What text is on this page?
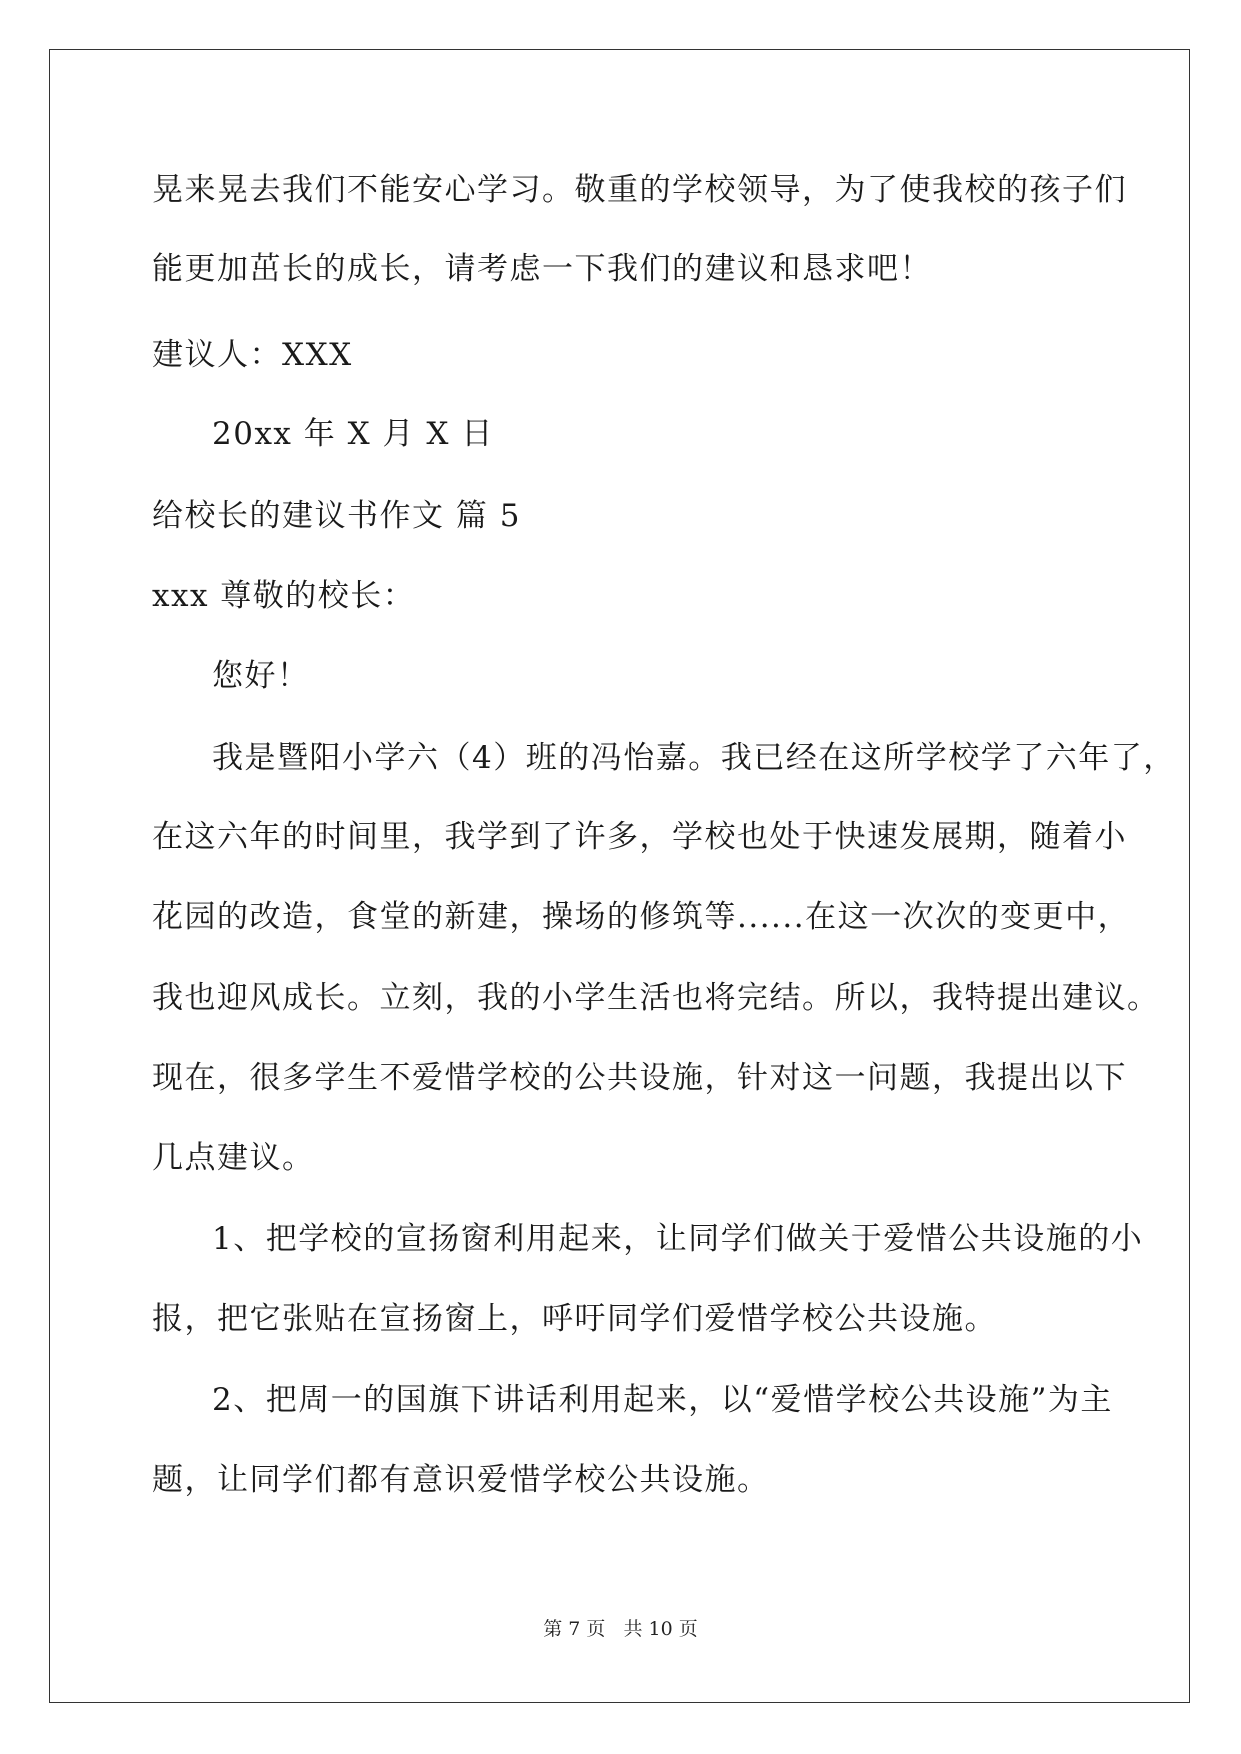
晃来晃去我们不能安心学习。敬重的学校领导，为了使我校的孩子们
能更加茁长的成长，请考虑一下我们的建议和恳求吧！
建议人：XXX
20xx 年 X 月 X 日
给校长的建议书作文 篇 5
xxx 尊敬的校长：
您好！
我是暨阳小学六（4）班的冯怡嘉。我已经在这所学校学了六年了，
在这六年的时间里，我学到了许多，学校也处于快速发展期，随着小
花园的改造，食堂的新建，操场的修筑等......在这一次次的变更中，
我也迎风成长。立刻，我的小学生活也将完结。所以，我特提出建议。
现在，很多学生不爱惜学校的公共设施，针对这一问题，我提出以下
几点建议。
1、把学校的宣扬窗利用起来，让同学们做关于爱惜公共设施的小
报，把它张贴在宣扬窗上，呼吁同学们爱惜学校公共设施。
2、把周一的国旗下讲话利用起来，以“爱惜学校公共设施”为主
题，让同学们都有意识爱惜学校公共设施。
第 7 页   共 10 页
